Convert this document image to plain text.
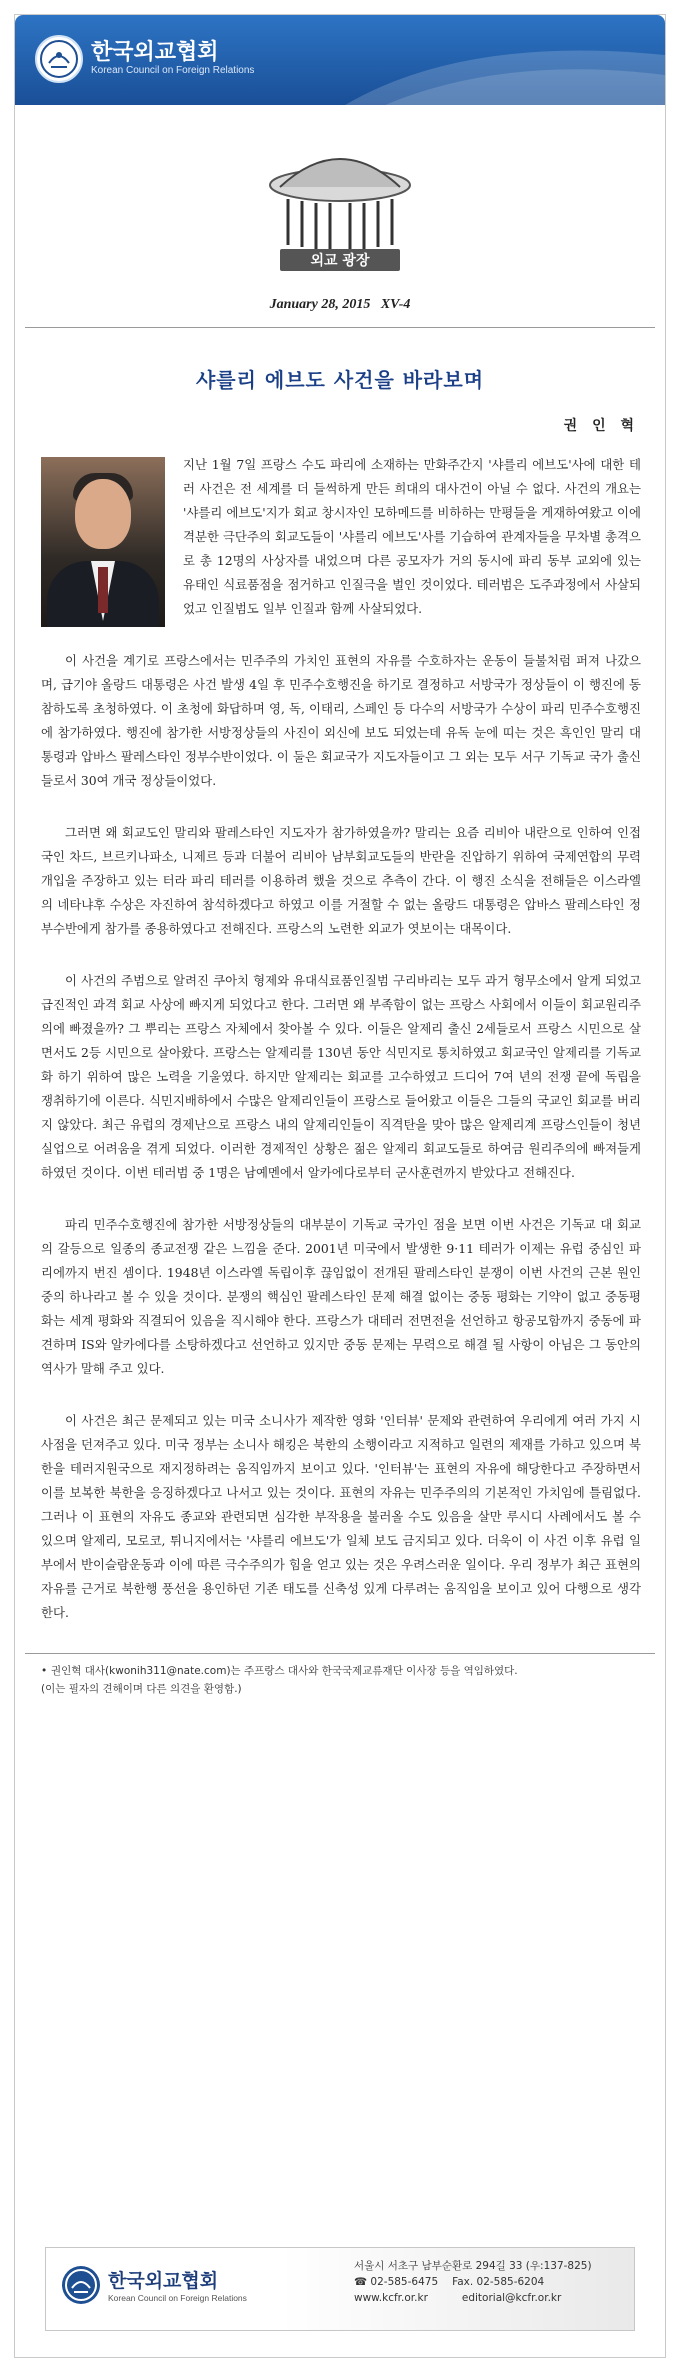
한국외교협회
Korean Council on Foreign Relations
외교 광장
January 28, 2015 XV-4
샤를리 에브도 사건을 바라보며
권 인 혁

지난 1월 7일 프랑스 수도 파리에 소재하는 만화주간지 '샤를리 에브도'사에 대한 테러 사건은 전 세계를 더 들썩하게 만든 희대의 대사건이 아닐 수 없다. 사건의 개요는 '샤를리 에브도'지가 회교 창시자인 모하메드를 비하하는 만평들을 게재하여왔고 이에 격분한 극단주의 회교도들이 '샤를리 에브도'사를 기습하여 관계자들을 무차별 총격으로 총 12명의 사상자를 내었으며 다른 공모자가 거의 동시에 파리 동부 교외에 있는 유태인 식료품점을 점거하고 인질극을 벌인 것이었다. 테러범은 도주과정에서 사살되었고 인질범도 일부 인질과 함께 사살되었다.

이 사건을 계기로 프랑스에서는 민주주의 가치인 표현의 자유를 수호하자는 운동이 들불처럼 퍼져 나갔으며, 급기야 올랑드 대통령은 사건 발생 4일 후 민주수호행진을 하기로 결정하고 서방국가 정상들이 이 행진에 동참하도록 초청하였다. 이 초청에 화답하며 영, 독, 이태리, 스페인 등 다수의 서방국가 수상이 파리 민주수호행진에 참가하였다. 행진에 참가한 서방정상들의 사진이 외신에 보도 되었는데 유독 눈에 띠는 것은 흑인인 말리 대통령과 압바스 팔레스타인 정부수반이었다. 이 둘은 회교국가 지도자들이고 그 외는 모두 서구 기독교 국가 출신들로서 30여 개국 정상들이었다.

그러면 왜 회교도인 말리와 팔레스타인 지도자가 참가하였을까? 말리는 요즘 리비아 내란으로 인하여 인접국인 차드, 브르키나파소, 니제르 등과 더불어 리비아 남부회교도들의 반란을 진압하기 위하여 국제연합의 무력 개입을 주장하고 있는 터라 파리 테러를 이용하려 했을 것으로 추측이 간다. 이 행진 소식을 전해들은 이스라엘의 네타냐후 수상은 자진하여 참석하겠다고 하였고 이를 거절할 수 없는 올랑드 대통령은 압바스 팔레스타인 정부수반에게 참가를 종용하였다고 전해진다. 프랑스의 노련한 외교가 엿보이는 대목이다.

이 사건의 주범으로 알려진 쿠아치 형제와 유대식료품인질범 구리바리는 모두 과거 형무소에서 알게 되었고 급진적인 과격 회교 사상에 빠지게 되었다고 한다. 그러면 왜 부족함이 없는 프랑스 사회에서 이들이 회교원리주의에 빠졌을까? 그 뿌리는 프랑스 자체에서 찾아볼 수 있다. 이들은 알제리 출신 2세들로서 프랑스 시민으로 살면서도 2등 시민으로 살아왔다. 프랑스는 알제리를 130년 동안 식민지로 통치하였고 회교국인 알제리를 기독교화 하기 위하여 많은 노력을 기울였다. 하지만 알제리는 회교를 고수하였고 드디어 7여 년의 전쟁 끝에 독립을 쟁취하기에 이른다. 식민지배하에서 수많은 알제리인들이 프랑스로 들어왔고 이들은 그들의 국교인 회교를 버리지 않았다. 최근 유럽의 경제난으로 프랑스 내의 알제리인들이 직격탄을 맞아 많은 알제리계 프랑스인들이 청년실업으로 어려움을 겪게 되었다. 이러한 경제적인 상황은 젊은 알제리 회교도들로 하여금 원리주의에 빠져들게 하였던 것이다. 이번 테러범 중 1명은 남예멘에서 알카에다로부터 군사훈련까지 받았다고 전해진다.

파리 민주수호행진에 참가한 서방정상들의 대부분이 기독교 국가인 점을 보면 이번 사건은 기독교 대 회교의 갈등으로 일종의 종교전쟁 같은 느낌을 준다. 2001년 미국에서 발생한 9·11 테러가 이제는 유럽 중심인 파리에까지 번진 셈이다. 1948년 이스라엘 독립이후 끊임없이 전개된 팔레스타인 분쟁이 이번 사건의 근본 원인중의 하나라고 볼 수 있을 것이다. 분쟁의 핵심인 팔레스타인 문제 해결 없이는 중동 평화는 기약이 없고 중동평화는 세계 평화와 직결되어 있음을 직시해야 한다. 프랑스가 대테러 전면전을 선언하고 항공모함까지 중동에 파견하며 IS와 알카에다를 소탕하겠다고 선언하고 있지만 중동 문제는 무력으로 해결 될 사항이 아님은 그 동안의 역사가 말해 주고 있다.

이 사건은 최근 문제되고 있는 미국 소니사가 제작한 영화 '인터뷰' 문제와 관련하여 우리에게 여러 가지 시사점을 던져주고 있다. 미국 정부는 소니사 해킹은 북한의 소행이라고 지적하고 일련의 제재를 가하고 있으며 북한을 테러지원국으로 재지정하려는 움직임까지 보이고 있다. '인터뷰'는 표현의 자유에 해당한다고 주장하면서 이를 보복한 북한을 응징하겠다고 나서고 있는 것이다. 표현의 자유는 민주주의의 기본적인 가치임에 틀림없다. 그러나 이 표현의 자유도 종교와 관련되면 심각한 부작용을 불러올 수도 있음을 살만 루시디 사례에서도 볼 수 있으며 알제리, 모로코, 튀니지에서는 '샤를리 에브도'가 일체 보도 금지되고 있다. 더욱이 이 사건 이후 유럽 일부에서 반이슬람운동과 이에 따른 극수주의가 힘을 얻고 있는 것은 우려스러운 일이다. 우리 정부가 최근 표현의 자유를 근거로 북한행 풍선을 용인하던 기존 태도를 신축성 있게 다루려는 움직임을 보이고 있어 다행으로 생각한다.

• 권인혁 대사(kwonih311@nate.com)는 주프랑스 대사와 한국국제교류재단 이사장 등을 역임하였다.
(이는 필자의 견해이며 다른 의견을 환영함.)
한국외교협회
Korean Council on Foreign Relations
서울시 서초구 남부순환로 294길 33 (우:137-825)
☎ 02-585-6475 Fax. 02-585-6204
www.kcfr.or.kr	editorial@kcfr.or.kr
